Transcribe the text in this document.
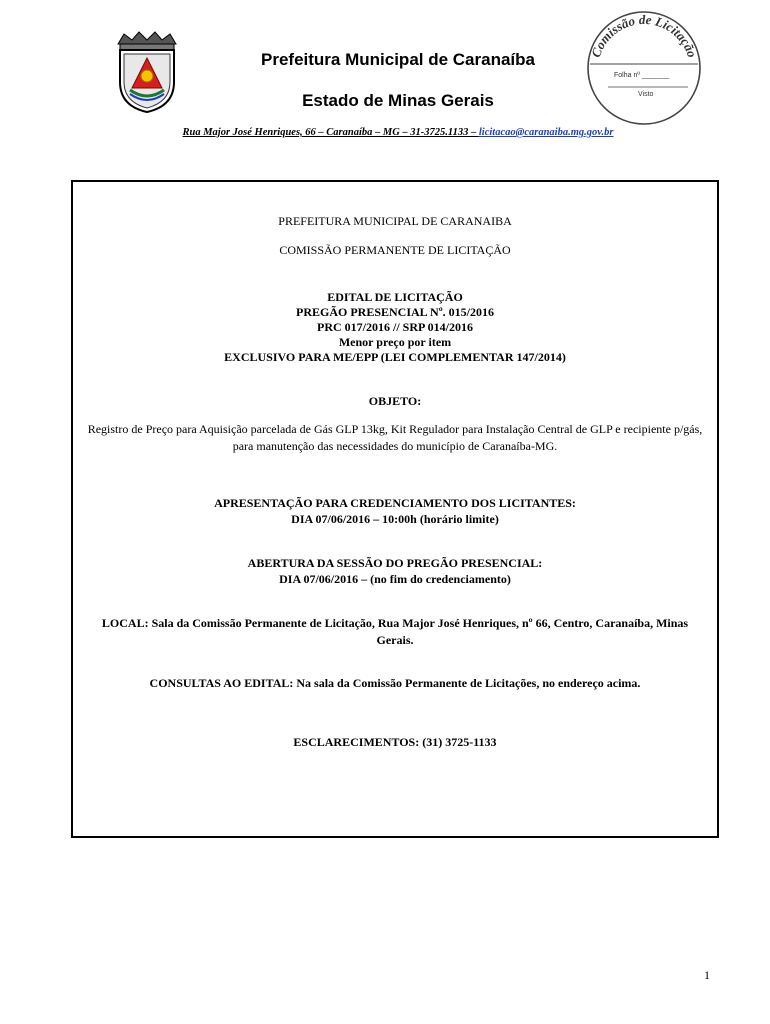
Prefeitura Municipal de Caranaíba
Estado de Minas Gerais
Rua Major José Henriques, 66 – Caranaíba – MG – 31-3725.1133 – licitacao@caranaiba.mg.gov.br
Comissão de Licitação
Folha nº _______
Visto
PREFEITURA MUNICIPAL DE CARANAIBA
COMISSÃO PERMANENTE DE LICITAÇÃO
EDITAL DE LICITAÇÃO
PREGÃO PRESENCIAL Nº. 015/2016
PRC 017/2016 // SRP 014/2016
Menor preço por item
EXCLUSIVO PARA ME/EPP (LEI COMPLEMENTAR 147/2014)
OBJETO:
Registro de Preço para Aquisição parcelada de Gás GLP 13kg, Kit Regulador para Instalação Central de GLP e recipiente p/gás, para manutenção das necessidades do município de Caranaíba-MG.
APRESENTAÇÃO PARA CREDENCIAMENTO DOS LICITANTES:
DIA 07/06/2016 – 10:00h (horário limite)
ABERTURA DA SESSÃO DO PREGÃO PRESENCIAL:
DIA 07/06/2016 – (no fim do credenciamento)
LOCAL: Sala da Comissão Permanente de Licitação, Rua Major José Henriques, nº 66, Centro, Caranaíba, Minas Gerais.
CONSULTAS AO EDITAL: Na sala da Comissão Permanente de Licitações, no endereço acima.
ESCLARECIMENTOS: (31) 3725-1133
1
